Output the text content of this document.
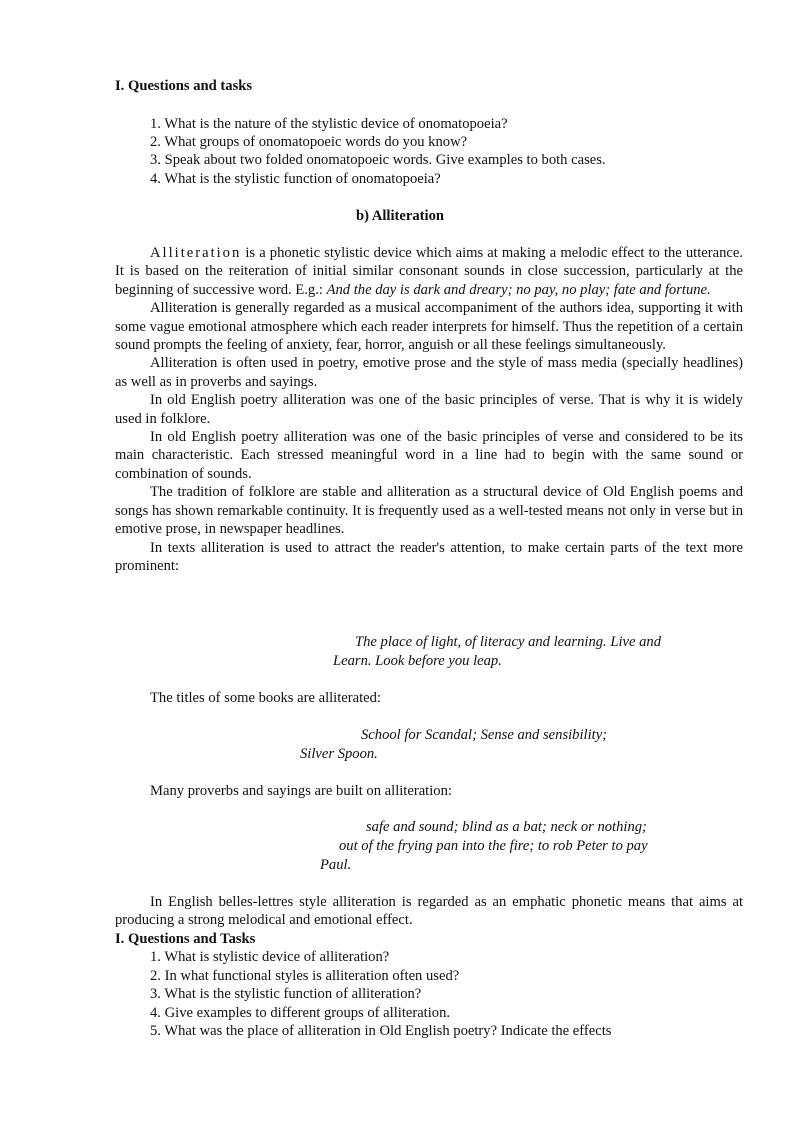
I. Questions and tasks
1. What is the nature of the stylistic device of onomatopoeia?
2. What groups of onomatopoeic words do you know?
3. Speak about two folded onomatopoeic words. Give examples to both cases.
4. What is the stylistic function of onomatopoeia?
b) Alliteration

Alliteration is a phonetic stylistic device which aims at making a melodic effect to the utterance. It is based on the reiteration of initial similar consonant sounds in close succession, particularly at the beginning of successive word. E.g.: And the day is dark and dreary; no pay, no play; fate and fortune.

Alliteration is generally regarded as a musical accompaniment of the authors idea, supporting it with some vague emotional atmosphere which each reader interprets for himself. Thus the repetition of a certain sound prompts the feeling of anxiety, fear, horror, anguish or all these feelings simultaneously.

Alliteration is often used in poetry, emotive prose and the style of mass media (specially headlines) as well as in proverbs and sayings.

In old English poetry alliteration was one of the basic principles of verse. That is why it is widely used in folklore.

In old English poetry alliteration was one of the basic principles of verse and considered to be its main characteristic. Each stressed meaningful word in a line had to begin with the same sound or combination of sounds.

The tradition of folklore are stable and alliteration as a structural device of Old English poems and songs has shown remarkable continuity. It is frequently used as a well-tested means not only in verse but in emotive prose, in newspaper headlines.

In texts alliteration is used to attract the reader's attention, to make certain parts of the text more prominent:

The place of light, of literacy and learning. Live and
Learn. Look before you leap.
The titles of some books are alliterated:
School for Scandal; Sense and sensibility;
Silver Spoon.
Many proverbs and sayings are built on alliteration:
safe and sound; blind as a bat; neck or nothing;
out of the frying pan into the fire; to rob Peter to pay
Paul.

In English belles-lettres style alliteration is regarded as an emphatic phonetic means that aims at producing a strong melodical and emotional effect.

I. Questions and Tasks
1. What is stylistic device of alliteration?
2. In what functional styles is alliteration often used?
3. What is the stylistic function of alliteration?
4. Give examples to different groups of alliteration.
5. What was the place of alliteration in Old English poetry? Indicate the effects
